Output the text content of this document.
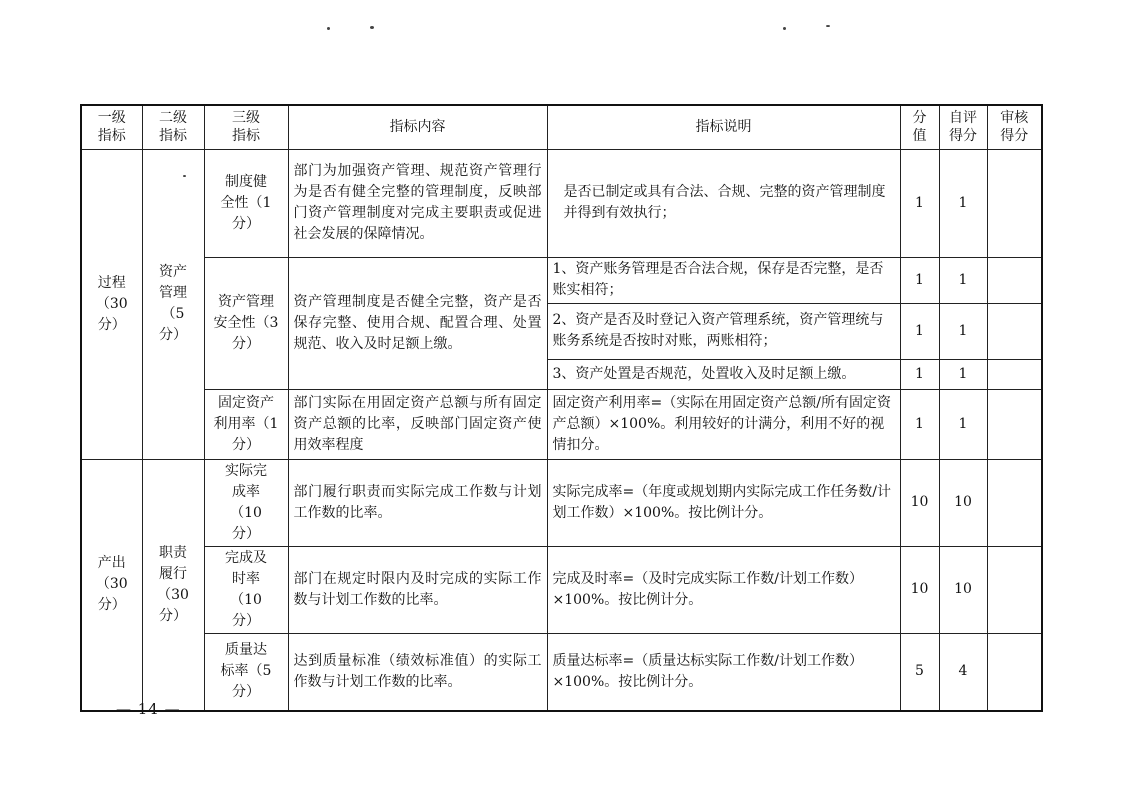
一级指标	二级指标	三级指标	指标内容	指标说明	分值	自评得分	审核得分
过程（30分）	资产管理（5分）	制度健全性（1分）	部门为加强资产管理、规范资产管理行为是否有健全完整的管理制度，反映部门资产管理制度对完成主要职责或促进社会发展的保障情况。	是否已制定或具有合法、合规、完整的资产管理制度并得到有效执行；	1	1	
		资产管理安全性（3分）	资产管理制度是否健全完整，资产是否保存完整、使用合规、配置合理、处置规范、收入及时足额上缴。	1、资产账务管理是否合法合规，保存是否完整，是否账实相符；	1	1	
				2、资产是否及时登记入资产管理系统，资产管理统与账务系统是否按时对账，两账相符；	1	1	
				3、资产处置是否规范，处置收入及时足额上缴。	1	1	
		固定资产利用率（1分）	部门实际在用固定资产总额与所有固定资产总额的比率，反映部门固定资产使用效率程度	固定资产利用率=（实际在用固定资产总额/所有固定资产总额）×100%。利用较好的计满分，利用不好的视情扣分。	1	1	

产出（30分）	职责履行（30分）	实际完成率（10分）	部门履行职责而实际完成工作数与计划工作数的比率。	实际完成率=（年度或规划期内实际完成工作任务数/计划工作数）×100%。按比例计分。	10	10	
		完成及时率（10分）	部门在规定时限内及时完成的实际工作数与计划工作数的比率。	完成及时率=（及时完成实际工作数/计划工作数）×100%。按比例计分。	10	10	
		质量达标率（5分）	达到质量标准（绩效标准值）的实际工作数与计划工作数的比率。	质量达标率=（质量达标实际工作数/计划工作数）×100%。按比例计分。	5	4	
— 14 —
